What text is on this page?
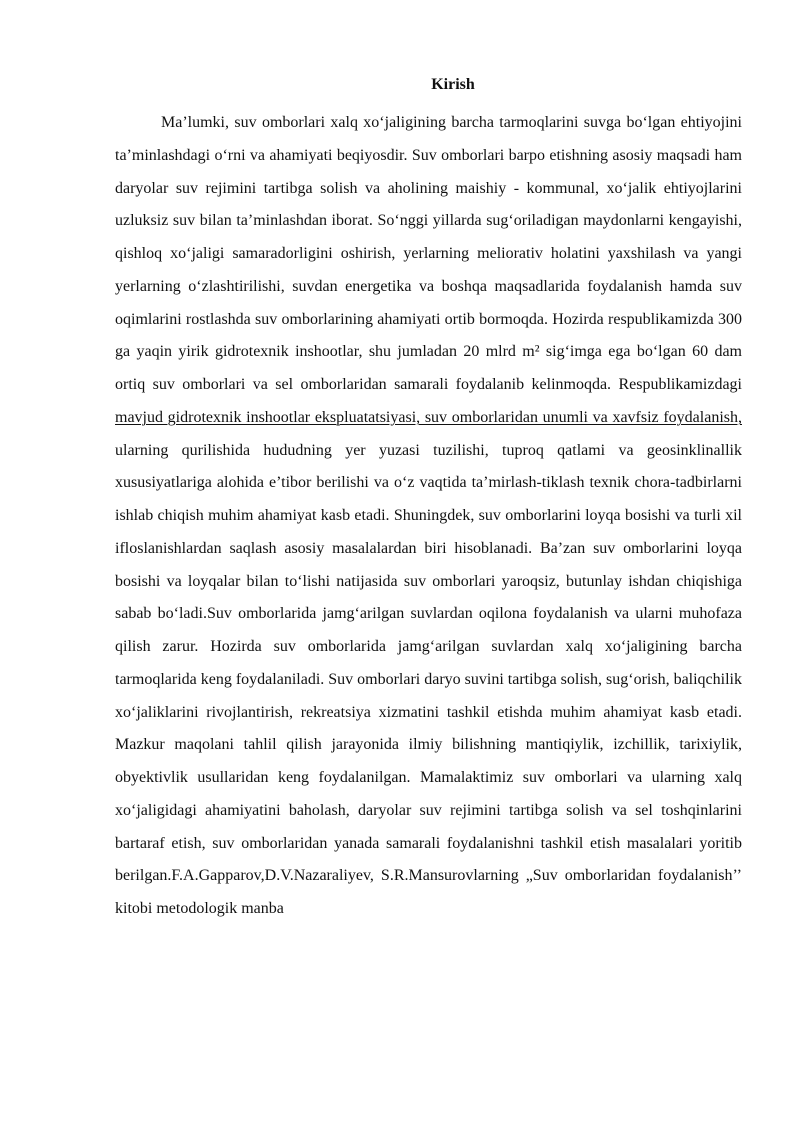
Kirish

Ma’lumki, suv omborlari xalq xo‘jaligining barcha tarmoqlarini suvga bo‘lgan ehtiyojini ta’minlashdagi o‘rni va ahamiyati beqiyosdir. Suv omborlari barpo etishning asosiy maqsadi ham daryolar suv rejimini tartibga solish va aholining maishiy - kommunal, xo‘jalik ehtiyojlarini uzluksiz suv bilan ta’minlashdan iborat. So‘nggi yillarda sug‘oriladigan maydonlarni kengayishi, qishloq xo‘jaligi samaradorligini oshirish, yerlarning meliorativ holatini yaxshilash va yangi yerlarning o‘zlashtirilishi, suvdan energetika va boshqa maqsadlarida foydalanish hamda suv oqimlarini rostlashda suv omborlarining ahamiyati ortib bormoqda. Hozirda respublikamizda 300 ga yaqin yirik gidrotexnik inshootlar, shu jumladan 20 mlrd m² sig‘imga ega bo‘lgan 60 dam ortiq suv omborlari va sel omborlaridan samarali foydalanib kelinmoqda. Respublikamizdagi mavjud gidrotexnik inshootlar ekspluatatsiyasi, suv omborlaridan unumli va xavfsiz foydalanish, ularning qurilishida hududning yer yuzasi tuzilishi, tuproq qatlami va geosinklinallik xususiyatlariga alohida e’tibor berilishi va o‘z vaqtida ta’mirlash-tiklash texnik chora-tadbirlarni ishlab chiqish muhim ahamiyat kasb etadi. Shuningdek, suv omborlarini loyqa bosishi va turli xil ifloslanishlardan saqlash asosiy masalalardan biri hisoblanadi. Ba’zan suv omborlarini loyqa bosishi va loyqalar bilan to‘lishi natijasida suv omborlari yaroqsiz, butunlay ishdan chiqishiga sabab bo‘ladi.Suv omborlarida jamg‘arilgan suvlardan oqilona foydalanish va ularni muhofaza qilish zarur. Hozirda suv omborlarida jamg‘arilgan suvlardan xalq xo‘jaligining barcha tarmoqlarida keng foydalaniladi. Suv omborlari daryo suvini tartibga solish, sug‘orish, baliqchilik xo‘jaliklarini rivojlantirish, rekreatsiya xizmatini tashkil etishda muhim ahamiyat kasb etadi. Mazkur maqolani tahlil qilish jarayonida ilmiy bilishning mantiqiylik, izchillik, tarixiylik, obyektivlik usullaridan keng foydalanilgan. Mamalaktimiz suv omborlari va ularning xalq xo‘jaligidagi ahamiyatini baholash, daryolar suv rejimini tartibga solish va sel toshqinlarini bartaraf etish, suv omborlaridan yanada samarali foydalanishni tashkil etish masalalari yoritib berilgan.F.A.Gapparov,D.V.Nazaraliyev, S.R.Mansurovlarning „Suv omborlaridan foydalanish’’ kitobi metodologik manba
